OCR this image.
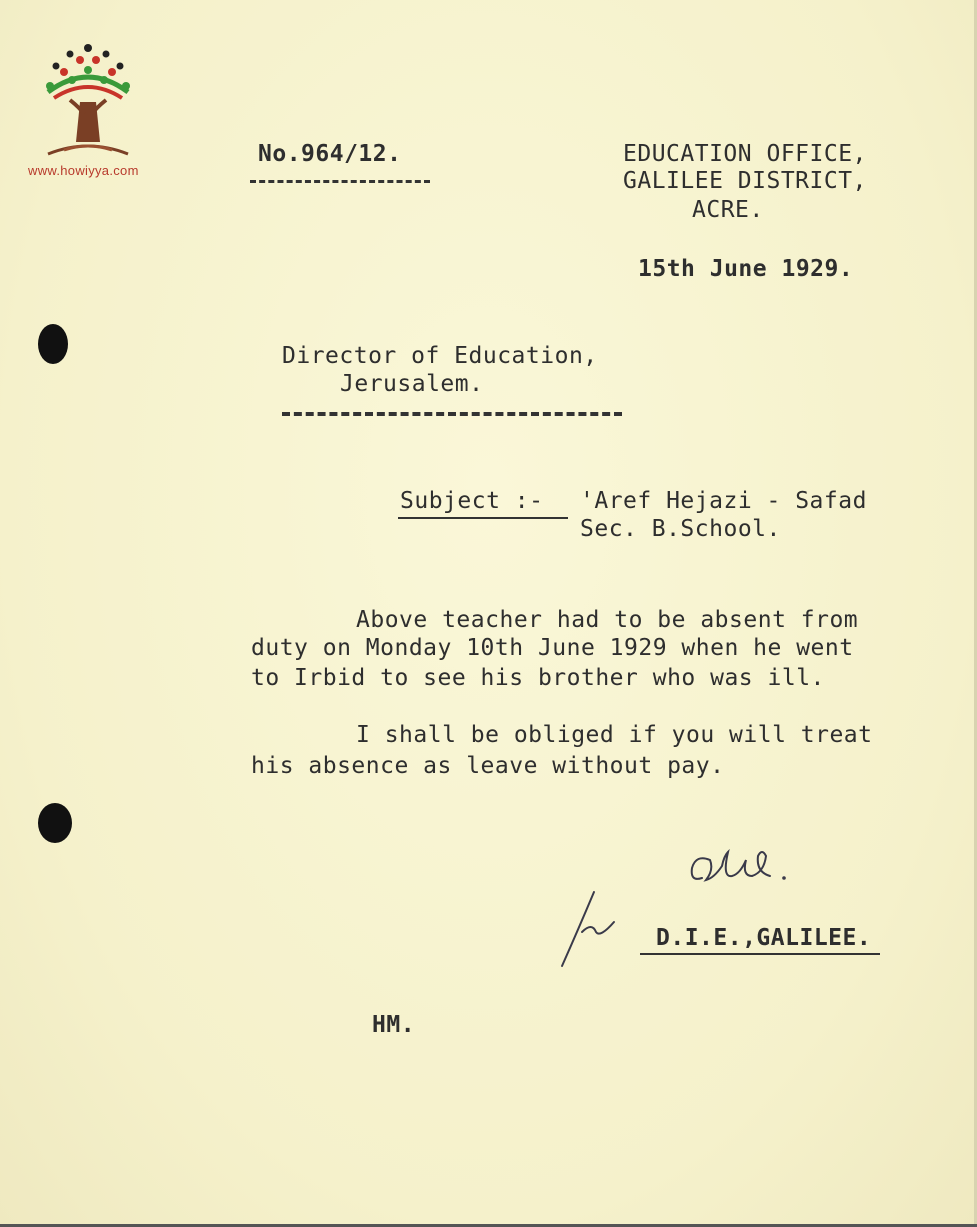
www.howiyya.com
No.964/12.	EDUCATION OFFICE,
GALILEE DISTRICT,
ACRE.
15th June 1929.
Director of Education,
Jerusalem.
Subject :- 'Aref Hejazi - Safad
Sec. B.School.
Above teacher had to be absent from
duty on Monday 10th June 1929 when he went
to Irbid to see his brother who was ill.
I shall be obliged if you will treat
his absence as leave without pay.
D.I.E.,GALILEE.
HM.
